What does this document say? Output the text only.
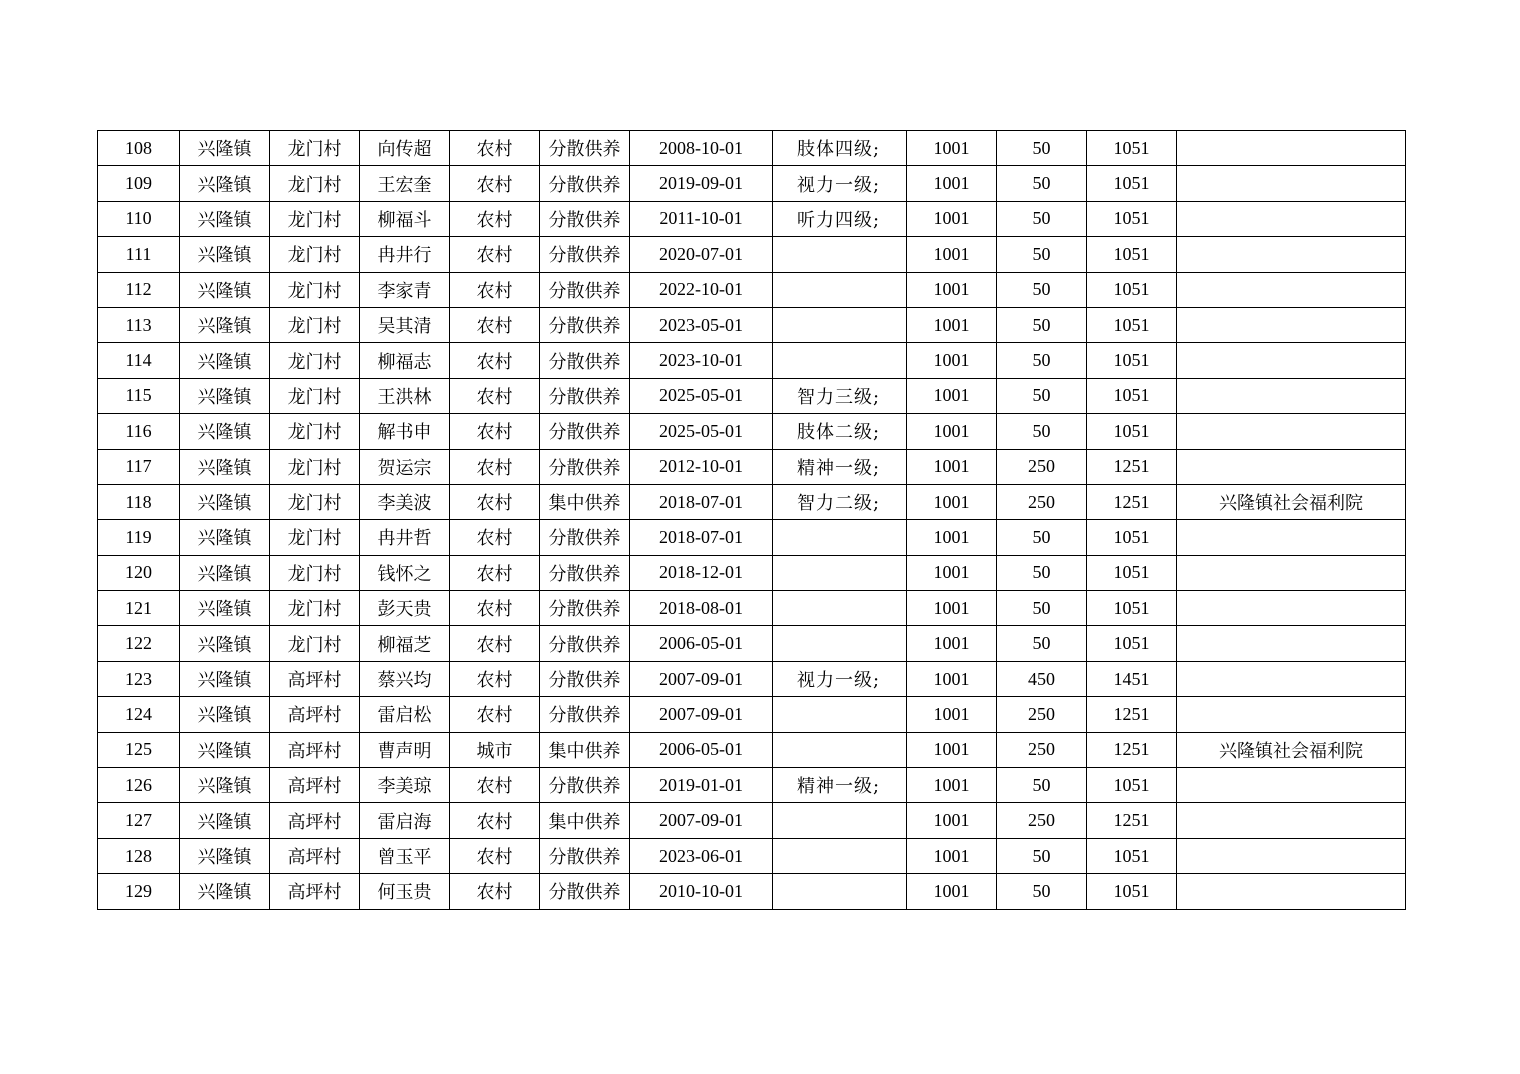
108	兴隆镇	龙门村	向传超	农村	分散供养	2008-10-01	肢体四级;	1001	50	1051	
109	兴隆镇	龙门村	王宏奎	农村	分散供养	2019-09-01	视力一级;	1001	50	1051	
110	兴隆镇	龙门村	柳福斗	农村	分散供养	2011-10-01	听力四级;	1001	50	1051	
111	兴隆镇	龙门村	冉井行	农村	分散供养	2020-07-01		1001	50	1051	
112	兴隆镇	龙门村	李家青	农村	分散供养	2022-10-01		1001	50	1051	
113	兴隆镇	龙门村	吴其清	农村	分散供养	2023-05-01		1001	50	1051	
114	兴隆镇	龙门村	柳福志	农村	分散供养	2023-10-01		1001	50	1051	
115	兴隆镇	龙门村	王洪林	农村	分散供养	2025-05-01	智力三级;	1001	50	1051	
116	兴隆镇	龙门村	解书申	农村	分散供养	2025-05-01	肢体二级;	1001	50	1051	
117	兴隆镇	龙门村	贺运宗	农村	分散供养	2012-10-01	精神一级;	1001	250	1251	
118	兴隆镇	龙门村	李美波	农村	集中供养	2018-07-01	智力二级;	1001	250	1251	兴隆镇社会福利院
119	兴隆镇	龙门村	冉井哲	农村	分散供养	2018-07-01		1001	50	1051	
120	兴隆镇	龙门村	钱怀之	农村	分散供养	2018-12-01		1001	50	1051	
121	兴隆镇	龙门村	彭天贵	农村	分散供养	2018-08-01		1001	50	1051	
122	兴隆镇	龙门村	柳福芝	农村	分散供养	2006-05-01		1001	50	1051	
123	兴隆镇	高坪村	蔡兴均	农村	分散供养	2007-09-01	视力一级;	1001	450	1451	
124	兴隆镇	高坪村	雷启松	农村	分散供养	2007-09-01		1001	250	1251	
125	兴隆镇	高坪村	曹声明	城市	集中供养	2006-05-01		1001	250	1251	兴隆镇社会福利院
126	兴隆镇	高坪村	李美琼	农村	分散供养	2019-01-01	精神一级;	1001	50	1051	
127	兴隆镇	高坪村	雷启海	农村	集中供养	2007-09-01		1001	250	1251	
128	兴隆镇	高坪村	曾玉平	农村	分散供养	2023-06-01		1001	50	1051	
129	兴隆镇	高坪村	何玉贵	农村	分散供养	2010-10-01		1001	50	1051	
